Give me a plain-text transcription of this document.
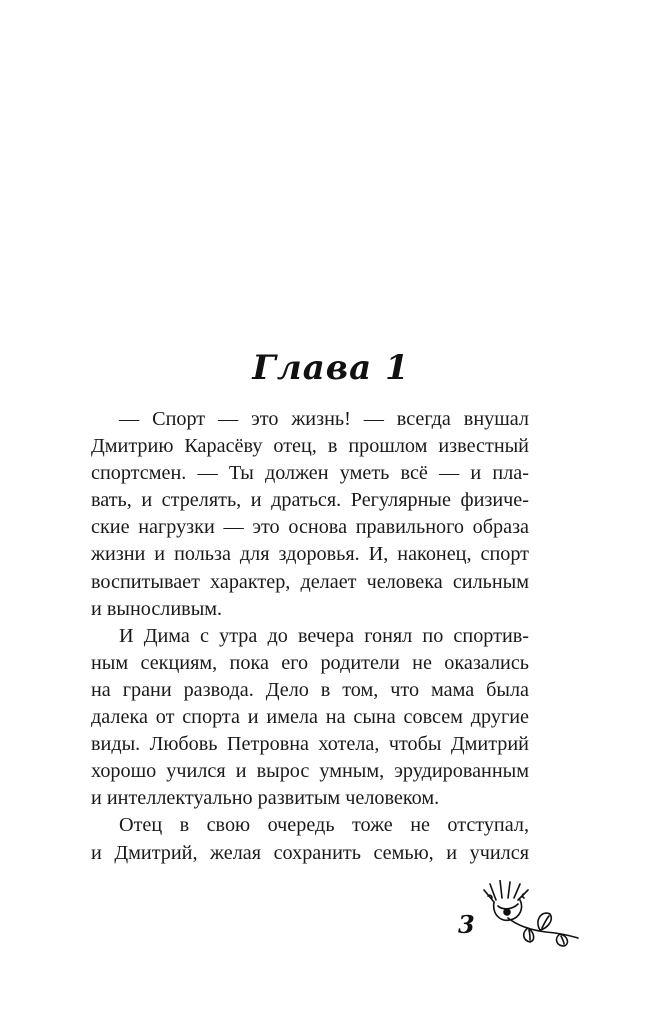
Глава 1
— Спорт — это жизнь! — всегда внушал
Дмитрию Карасёву отец, в прошлом известный
спортсмен. — Ты должен уметь всё — и пла-
вать, и стрелять, и драться. Регулярные физиче-
ские нагрузки — это основа правильного образа
жизни и польза для здоровья. И, наконец, спорт
воспитывает характер, делает человека сильным
и выносливым.
И Дима с утра до вечера гонял по спортив-
ным секциям, пока его родители не оказались
на грани развода. Дело в том, что мама была
далека от спорта и имела на сына совсем другие
виды. Любовь Петровна хотела, чтобы Дмитрий
хорошо учился и вырос умным, эрудированным
и интеллектуально развитым человеком.
Отец в свою очередь тоже не отступал,
и Дмитрий, желая сохранить семью, и учился
3
